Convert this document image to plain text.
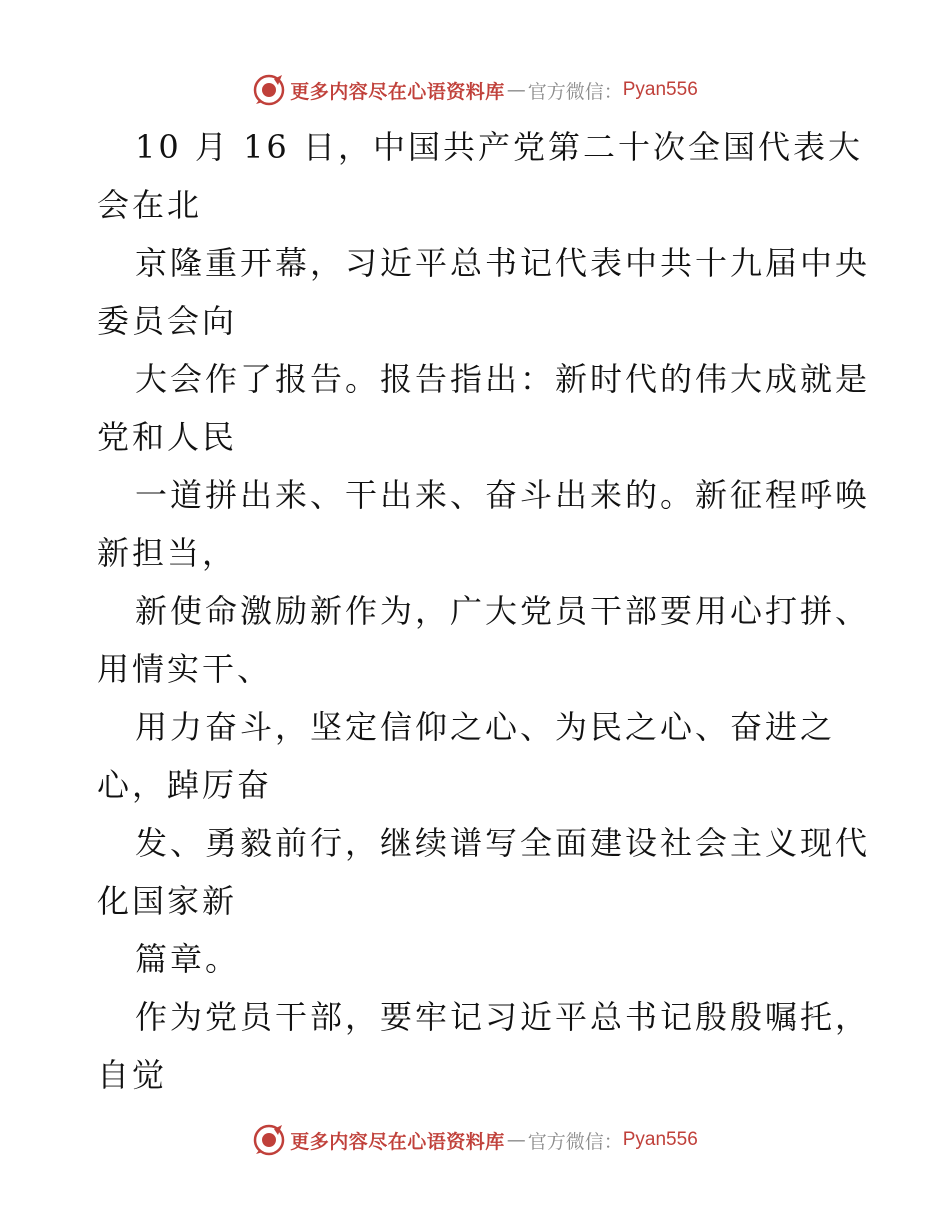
更多内容尽在心语资料库 — 官方微信： Pyan556
10 月 16 日，中国共产党第二十次全国代表大
会在北
京隆重开幕，习近平总书记代表中共十九届中央
委员会向
大会作了报告。报告指出：新时代的伟大成就是
党和人民
一道拼出来、干出来、奋斗出来的。新征程呼唤
新担当，
新使命激励新作为，广大党员干部要用心打拼、
用情实干、
用力奋斗，坚定信仰之心、为民之心、奋进之
心，踔厉奋
发、勇毅前行，继续谱写全面建设社会主义现代
化国家新
篇章。
作为党员干部，要牢记习近平总书记殷殷嘱托，
自觉
更多内容尽在心语资料库 — 官方微信： Pyan556
